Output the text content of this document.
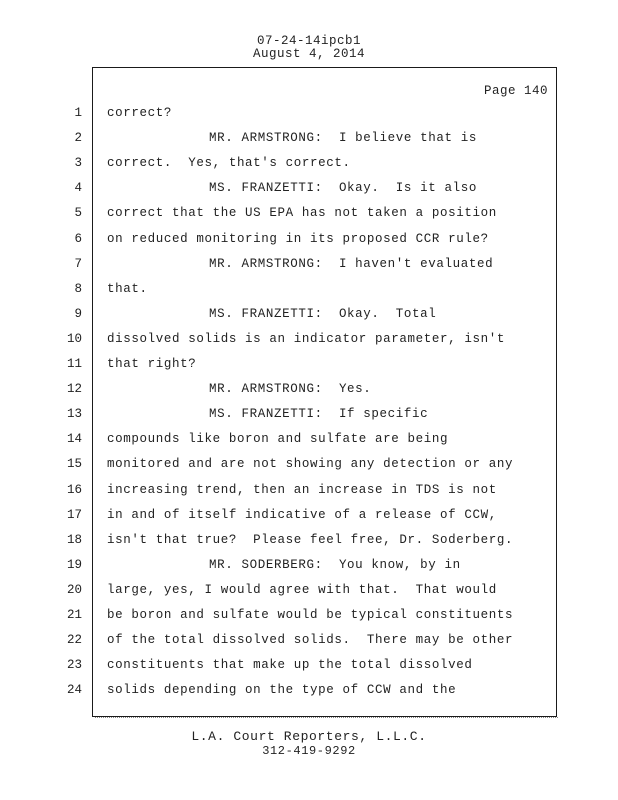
07-24-14ipcb1
August 4, 2014
Page 140
1 correct?
2	MR. ARMSTRONG:  I believe that is
3 correct.  Yes, that's correct.
4	MS. FRANZETTI:  Okay.  Is it also
5 correct that the US EPA has not taken a position
6 on reduced monitoring in its proposed CCR rule?
7	MR. ARMSTRONG:  I haven't evaluated
8 that.
9	MS. FRANZETTI:  Okay.  Total
10 dissolved solids is an indicator parameter, isn't
11 that right?
12	MR. ARMSTRONG:  Yes.
13	MS. FRANZETTI:  If specific
14 compounds like boron and sulfate are being
15 monitored and are not showing any detection or any
16 increasing trend, then an increase in TDS is not
17 in and of itself indicative of a release of CCW,
18 isn't that true?  Please feel free, Dr. Soderberg.
19	MR. SODERBERG:  You know, by in
20 large, yes, I would agree with that.  That would
21 be boron and sulfate would be typical constituents
22 of the total dissolved solids.  There may be other
23 constituents that make up the total dissolved
24 solids depending on the type of CCW and the
L.A. Court Reporters, L.L.C.
312-419-9292
